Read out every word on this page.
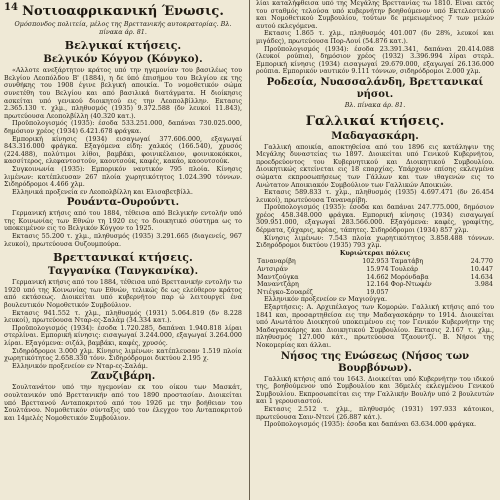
14 Νοτιοαφρικανική Ένωσις.

Ομόσπονδος πολιτεία, μέλος της Βρεττανικής αυτοκρατορίας. Βλ. πίνακα άρ. 81.

Βελγικαί κτήσεις.
Βελγικόν Κόγγον (Κόνγκο).

«Αλλοτε ανεξάρτητον κράτος υπό την ηγεμονίαν του βασιλέως του Βελγίου Λεοπόλδου Β' (1884), η δε ύπό έπισήμου του Βελγίου εκ της συνθήκης του 1908 έγινε βελγική αποικία. Το νομοθετικόν σώμα συνετέθη του Βελγίου και από βασιλικά διατάγματα. Η διοίκησις ασκείται υπό γενικού διοικητού εις την Λεοπολβίλλην. Εκτασις 2.365.130 τ. χλμ., πληθυσμός (1935) 9.372.588 (δν λευκοί 11.843), πρωτεύουσα Λεοπολβίλλη (40.320 κατ.).

Προϋπολογισμός (1935): έσοδα 533.251.000, δαπάναι 730.025.000, δημόσιον χρέος (1934) 6.421.678 φράγκα.

Εμπορική κίνησις (1934) εισαγωγαί 377.606.000, εξαγωγαί 843.316.000 φράγκα. Εξαγόμενα είδη: χαλκός (166.540), χρυσός (224.488), πολύτιμοι λίθοι, βαμβάκι, φοινικέλαιον, φοινικοκόκκοι, κασσίτερος, ελεφαντοστούν, καουτσούκ, καφές, κακάο, καοουτσούκ.

Συγκοινωνία (1935): Εμπορικόν ναυτικόν 795 πλοία. Κίνησις λιμένων: κατέπλευσαν 267 πλοία χωρητικότητος 1.024.390 τόννων. Σιδηρόδρομοι 4.466 χλμ.

Ελληνικά προξενεία εν Λεοπολβίλλη και Ελισαβετβίλλ.

Ρουάντα-Ουρούντι.

Γερμανική κτήσις από του 1884, τέθεισα από Βελγικήν εντολήν υπό της Κοινωνίας των Εθνών τη 1920 εις το διοικητικό σύστημα ως το υποκειμένον εις το Βελγικόν Κόγγον το 1925.

Εκτασις 55.200 τ. χλμ., πληθυσμός (1935) 3.291.665 (διαγενείς, 967 λευκοί), πρωτεύουσα Ουζουμπούρα.

Βρεττανικαί κτήσεις.
Ταγγανίκα (Τανγκανίκα).

Γερμανική κτήσις από του 1884, τέθεισα υπό Βρεττανικήν εντολήν τω 1920 υπό της Κοινωνίας των Εθνών, τελικώς δε ως ελεύθερον κράτος από εκτάσεως. Διοικείται υπό κυβερνήτου παρ ώ λειτουργεί ένα βουλευτικόν Νομοθετικόν Συμβούλιον.

Εκτασις 941.552 τ. χλμ., πληθυσμός (1931) 5.064.819 (δν 8.228 λευκοί), πρωτεύουσα Νταρ-ες-Σαλάμ (34.334 κατ.).

Προϋπολογισμός (1934): έσοδα 1.720.285, δαπάναι 1.940.818 λίραι στερλίναι. Εμπορική κίνησις: εισαγωγαί 3.244.000, εξαγωγαί 3.264.000 λίραι. Εξαγόμενα: σιζάλ, βαμβάκι, καφές, χρυσός.

Σιδηρόδρομοι 3.000 χλμ. Κίνησις λιμένων: κατέπλευσαν 1.519 πλοία χωρητικότητος 2.658.330 τόνν. Σιδηρόδρομοι δικτύου 2.195 χ.

Ελληνικόν προξενείον εν Νταρ-ες-Σαλάμ.

Ζανζιβάρη.

Σουλτανάτον υπό την ηγεμονίαν εκ του οίκου των Μασκάτ, σουλτανικόν υπό Βρεττανικήν από του 1890 προστασίαν. Διοικείται υπό Βρεττανού Ανταποκριτού από του 1926 με την βοήθειαν του Σουλτάνου. Νομοθετικόν σύνταξις υπό τον έλεγχον του Ανταποκριτού και 14μελές Νομοθετικόν Συμβούλιον.

λίαι καταλήφθεισα υπό της Μεγάλης Βρεττανίας τω 1810. Είναι εκτός του σταθμός τελούσα υπό κυβερνήτην βοηθούμενον υπό Εκτελεστικού και Νομοθετικού Συμβουλίου, τούτων δε μεμειωμένος 7 των μελών αυτού εκλεγόμενα.

Εκτασις 1.865 τ. χλμ., πληθυσμός 401.007 (δν 28%, λευκοί και μιγάδες), πρωτεύουσα Πορ-Λουί (54.876 κατ.).

Προϋπολογισμός (1934): έσοδα 23.391.341, δαπάναι 20.414.088 (λευκοί ρούπια), δημόσιον χρέος (1932) 3.396.994 λίραι στερλ. Εμπορική κίνησις (1934) εισαγωγαί 29.679.000, εξαγωγαί 26.136.000 ρούπια. Εμπορικόν ναυτικόν 9.111 τόννων, σιδηρόδρομοι 2.000 χλμ.

Ροδεσία, Νυασσαλάνδη, Βρεττανικαί νήσοι.

Βλ. πίνακα άρ. 81.

Γαλλικαί κτήσεις.
Μαδαγασκάρη.

Γαλλική αποικία, αποκτηθείσα από του 1896 εις κατάληψιν της Μεγάλης δυναστείας τω 1897. Διοικείται υπό Γενικού Κυβερνήτου, προεδρεύοντος του Κυβερνητικού και Διοικητικού Συμβουλίου. Διοικητικώς εκτείνεται εις 18 επαρχίας. Υπάρχουν επίσης εκλεγμένα σώματα εκπροσωπήσεως των Γάλλων και των ιθαγενών εις το Ανώτατον Αποικιακόν Συμβούλιον των Γαλλικών Αποικιών.

Εκτασις 589.833 τ. χλμ., πληθυσμός (1935) 4.697.471 (δν 26.454 λευκοί), πρωτεύουσα Ταναναρίβη.

Προϋπολογισμός (1935): έσοδα και δαπάναι 247.775.000, δημόσιον χρέος 458.348.000 φράγκα. Εμπορική κίνησις (1934) εισαγωγαί 309.951.000, εξαγωγαί 283.566.000. Εξαγόμενα: καφές, γραφίτης, δέρματα, ζάχαρις, κρέας, τάπητες. Σιδηρόδρομοι (1934) 857 χλμ.

Κίνησις λιμένων: 7.543 πλοία χωρητικότητος 3.858.488 τόννων. Σιδηρόδρομοι δικτύου (1935) 793 χλμ.

Κυριώτεραι πόλεις
Ταναναρίβη	102.953	Ταματάβη	24.770
Αντσιράν	15.974	Τουλεάρ	10.447
Μαντζούγκα	14.662	Μορόνδαβα	14.634
Μαναντζάρη	12.164	Φορ-Ντωφέν	3.984
Ντιέγκο-Σουαρέζ	19.057		

Ελληνικόν προξενείον εν Μαγιούγγα.

Εξαρτήσεις: Α. Αρχιπέλαγος των Κομορών. Γαλλική κτήσις από του 1841 και, προσαρτηθείσα εις την Μαδαγασκάρην το 1914. Διοικείται υπό Ανωτάτου Διοικητού υποκειμένου εις τον Γενικόν Κυβερνήτην της Μαδαγασκάρης και Διοικητικού Συμβουλίου. Εκτασις 2.167 τ. χλμ., πληθυσμός 127.000 κάτ., πρωτεύουσα Τζαουντζί. Β. Νήσοι της Νοκομερίας και άλλαι.

Νήσος της Ενώσεως (Νήσος των Βουρβόνων).

Γαλλική κτήσις από του 1643. Διοικείται υπό Κυβερνήτην του ιδικού της, βοηθούμενον υπό Συμβουλίου και 36μελές εκλεγμένου Γενικού Συμβουλίου. Εκπροσωπείται εις την Γαλλικήν Βουλήν υπό 2 βουλευτών και 1 γερουσιαστού.

Εκτασις 2.512 τ. χλμ., πληθυσμός (1931) 197.933 κάτοικοι, πρωτεύουσα Σαιν-Ντενί (26.887 κάτ.).

Προϋπολογισμός (1935): έσοδα και δαπάναι 63.634.000 φράγκα.
